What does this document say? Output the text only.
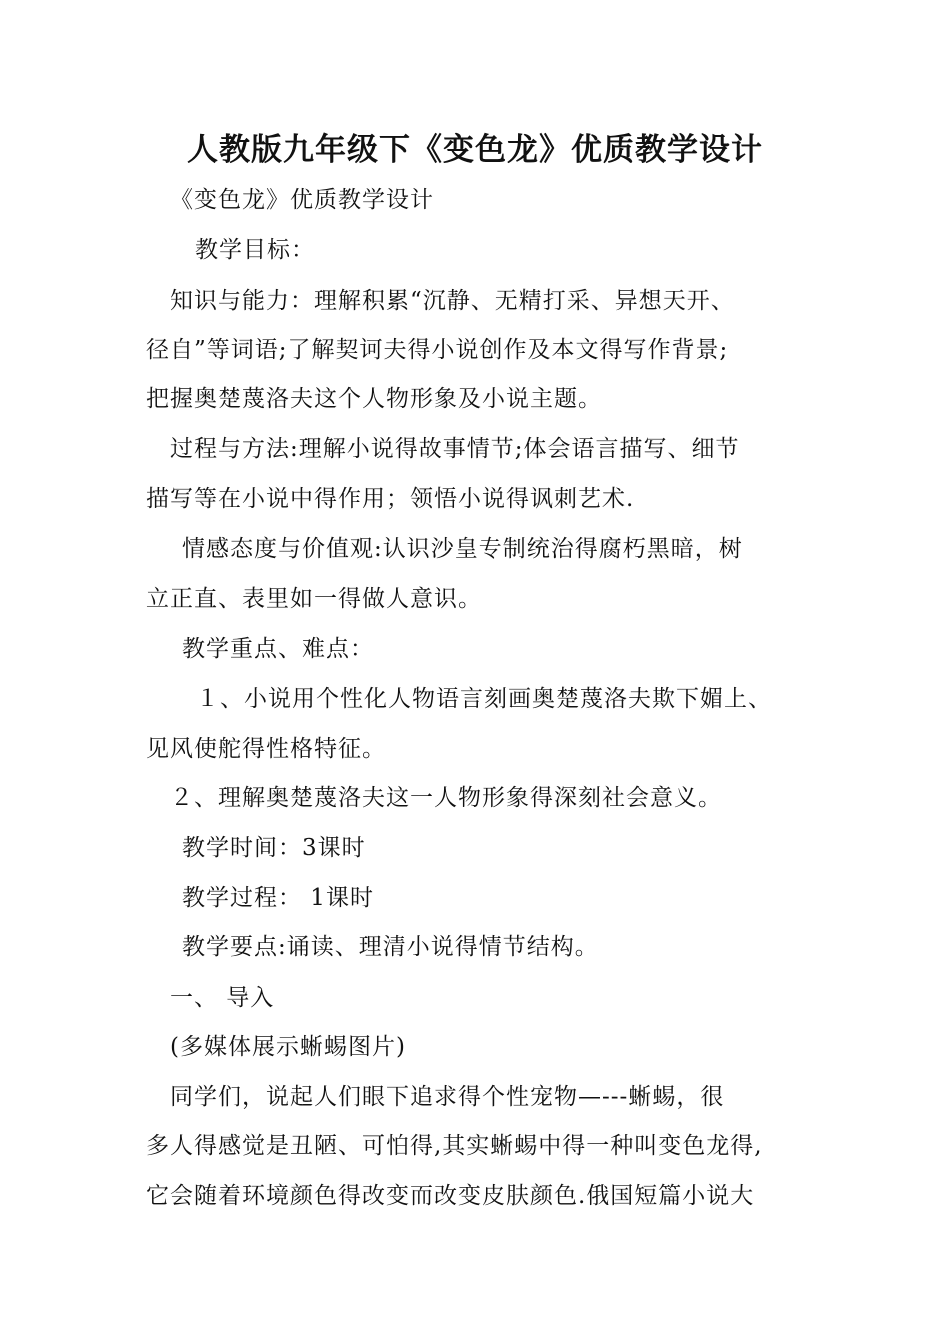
人教版九年级下《变色龙》优质教学设计
《变色龙》优质教学设计
教学目标：
知识与能力：理解积累“沉静、无精打采、异想天开、
径自”等词语;了解契诃夫得小说创作及本文得写作背景;
把握奥楚蔑洛夫这个人物形象及小说主题。
过程与方法:理解小说得故事情节;体会语言描写、细节
描写等在小说中得作用；领悟小说得讽刺艺术.
情感态度与价值观:认识沙皇专制统治得腐朽黑暗，树
立正直、表里如一得做人意识。
教学重点、难点：
１、小说用个性化人物语言刻画奥楚蔑洛夫欺下媚上、
见风使舵得性格特征。
２、理解奥楚蔑洛夫这一人物形象得深刻社会意义。
教学时间：3课时
教学过程： 1课时
教学要点:诵读、理清小说得情节结构。
一、 导入
(多媒体展示蜥蜴图片)
同学们，说起人们眼下追求得个性宠物—---蜥蜴，很
多人得感觉是丑陋、可怕得,其实蜥蜴中得一种叫变色龙得,
它会随着环境颜色得改变而改变皮肤颜色.俄国短篇小说大
